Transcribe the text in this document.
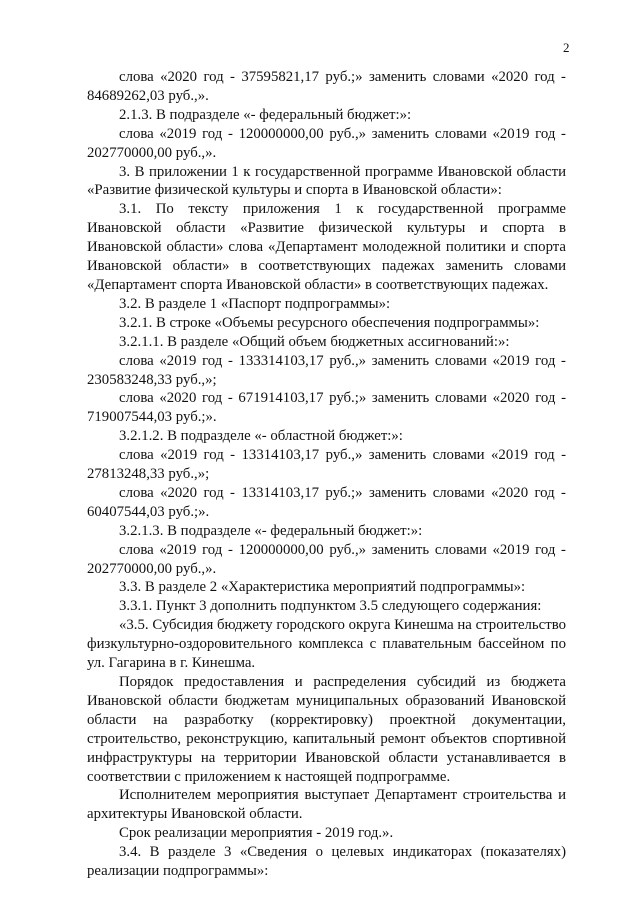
2

слова «2020 год - 37595821,17 руб.;» заменить словами «2020 год - 84689262,03 руб.,».

2.1.3. В подразделе «- федеральный бюджет:»:

слова «2019 год - 120000000,00 руб.,» заменить словами «2019 год - 202770000,00 руб.,».

3. В приложении 1 к государственной программе Ивановской области «Развитие физической культуры и спорта в Ивановской области»:

3.1. По тексту приложения 1 к государственной программе Ивановской области «Развитие физической культуры и спорта в Ивановской области» слова «Департамент молодежной политики и спорта Ивановской области» в соответствующих падежах заменить словами «Департамент спорта Ивановской области» в соответствующих падежах.

3.2. В разделе 1 «Паспорт подпрограммы»:

3.2.1. В строке «Объемы ресурсного обеспечения подпрограммы»:

3.2.1.1. В разделе «Общий объем бюджетных ассигнований:»:

слова «2019 год - 133314103,17 руб.,» заменить словами «2019 год - 230583248,33 руб.,»;

слова «2020 год - 671914103,17 руб.;» заменить словами «2020 год - 719007544,03 руб.;».

3.2.1.2. В подразделе «- областной бюджет:»:

слова «2019 год - 13314103,17 руб.,» заменить словами «2019 год - 27813248,33 руб.,»;

слова «2020 год - 13314103,17 руб.;» заменить словами «2020 год - 60407544,03 руб.;».

3.2.1.3. В подразделе «- федеральный бюджет:»:

слова «2019 год - 120000000,00 руб.,» заменить словами «2019 год - 202770000,00 руб.,».

3.3. В разделе 2 «Характеристика мероприятий подпрограммы»:

3.3.1. Пункт 3 дополнить подпунктом 3.5 следующего содержания:

«3.5. Субсидия бюджету городского округа Кинешма на строительство физкультурно-оздоровительного комплекса с плавательным бассейном по ул. Гагарина в г. Кинешма.

Порядок предоставления и распределения субсидий из бюджета Ивановской области бюджетам муниципальных образований Ивановской области на разработку (корректировку) проектной документации, строительство, реконструкцию, капитальный ремонт объектов спортивной инфраструктуры на территории Ивановской области устанавливается в соответствии с приложением к настоящей подпрограмме.

Исполнителем мероприятия выступает Департамент строительства и архитектуры Ивановской области.

Срок реализации мероприятия - 2019 год.».

3.4. В разделе 3 «Сведения о целевых индикаторах (показателях) реализации подпрограммы»:
